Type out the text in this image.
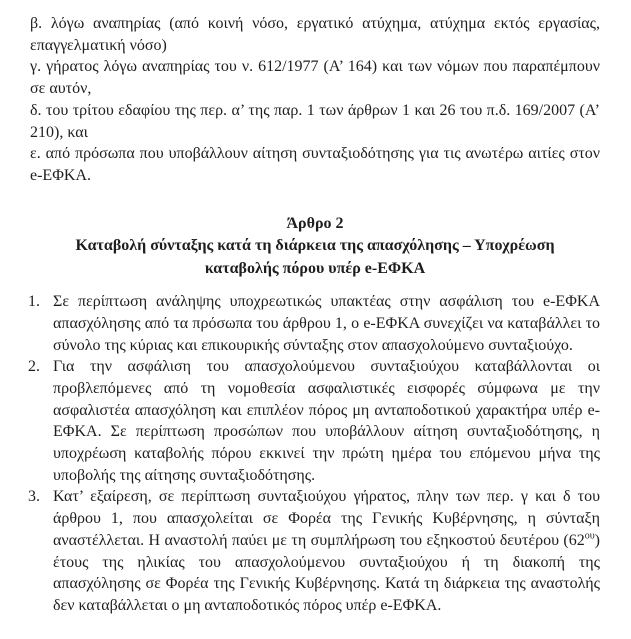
β. λόγω αναπηρίας (από κοινή νόσο, εργατικό ατύχημα, ατύχημα εκτός εργασίας, επαγγελματική νόσο)

γ. γήρατος λόγω αναπηρίας του ν. 612/1977 (Α’ 164) και των νόμων που παραπέμπουν σε αυτόν,

δ. του τρίτου εδαφίου της περ. α’ της παρ. 1 των άρθρων 1 και 26 του π.δ. 169/2007 (Α’ 210), και

ε. από πρόσωπα που υποβάλλουν αίτηση συνταξιοδότησης για τις ανωτέρω αιτίες στον e-ΕΦΚΑ.

Άρθρο 2
Καταβολή σύνταξης κατά τη διάρκεια της απασχόλησης – Υποχρέωση
καταβολής πόρου υπέρ e-ΕΦΚΑ
1. Σε περίπτωση ανάληψης υποχρεωτικώς υπακτέας στην ασφάλιση του e-ΕΦΚΑ απασχόλησης από τα πρόσωπα του άρθρου 1, ο e-ΕΦΚΑ συνεχίζει να καταβάλλει το σύνολο της κύριας και επικουρικής σύνταξης στον απασχολούμενο συνταξιούχο.
2. Για την ασφάλιση του απασχολούμενου συνταξιούχου καταβάλλονται οι προβλεπόμενες από τη νομοθεσία ασφαλιστικές εισφορές σύμφωνα με την ασφαλιστέα απασχόληση και επιπλέον πόρος μη ανταποδοτικού χαρακτήρα υπέρ e-ΕΦΚΑ. Σε περίπτωση προσώπων που υποβάλλουν αίτηση συνταξιοδότησης, η υποχρέωση καταβολής πόρου εκκινεί την πρώτη ημέρα του επόμενου μήνα της υποβολής της αίτησης συνταξιοδότησης.
3. Κατ’ εξαίρεση, σε περίπτωση συνταξιούχου γήρατος, πλην των περ. γ και δ του άρθρου 1, που απασχολείται σε Φορέα της Γενικής Κυβέρνησης, η σύνταξη αναστέλλεται. Η αναστολή παύει με τη συμπλήρωση του εξηκοστού δευτέρου $(62^{o\upsilon})$ έτους της ηλικίας του απασχολούμενου συνταξιούχου ή τη διακοπή της απασχόλησης σε Φορέα της Γενικής Κυβέρνησης. Κατά τη διάρκεια της αναστολής δεν καταβάλλεται ο μη ανταποδοτικός πόρος υπέρ e-ΕΦΚΑ.
